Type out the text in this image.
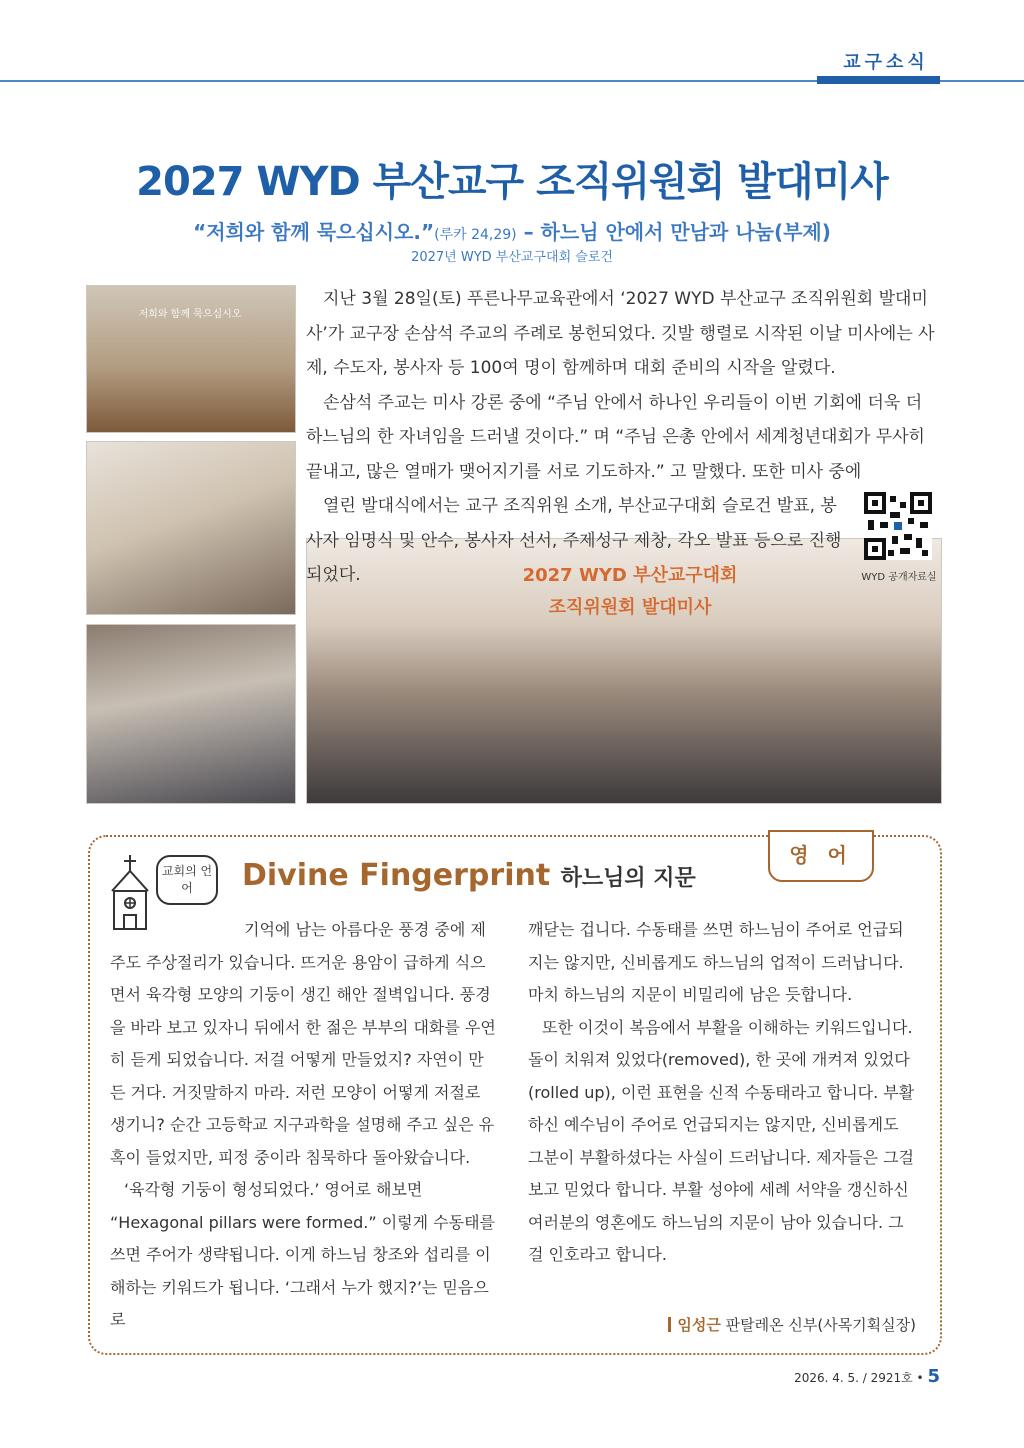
교구소식
2027 WYD 부산교구 조직위원회 발대미사
“저희와 함께 묵으십시오.”(루카 24,29) – 하느님 안에서 만남과 나눔(부제)
2027년 WYD 부산교구대회 슬로건
저희와 함께 묵으십시오
2027 WYD 부산교구대회
조직위원회 발대미사

지난 3월 28일(토) 푸른나무교육관에서 ‘2027 WYD 부산교구 조직위원회 발대미사’가 교구장 손삼석 주교의 주례로 봉헌되었다. 깃발 행렬로 시작된 이날 미사에는 사제, 수도자, 봉사자 등 100여 명이 함께하며 대회 준비의 시작을 알렸다.

손삼석 주교는 미사 강론 중에 “주님 안에서 하나인 우리들이 이번 기회에 더욱 더 하느님의 한 자녀임을 드러낼 것이다.” 며 “주님 은총 안에서 세계청년대회가 무사히 끝내고, 많은 열매가 맺어지기를 서로 기도하자.” 고 말했다. 또한 미사 중에

열린 발대식에서는 교구 조직위원 소개, 부산교구대회 슬로건 발표, 봉사자 임명식 및 안수, 봉사자 선서, 주제성구 제창, 각오 발표 등으로 진행되었다.	WYD 공개자료실
영 어
교회의 언어	Divine Fingerprint 하느님의 지문

기억에 남는 아름다운 풍경 중에 제주도 주상절리가 있습니다. 뜨거운 용암이 급하게 식으면서 육각형 모양의 기둥이 생긴 해안 절벽입니다. 풍경을 바라 보고 있자니 뒤에서 한 젊은 부부의 대화를 우연히 듣게 되었습니다. 저걸 어떻게 만들었지? 자연이 만든 거다. 거짓말하지 마라. 저런 모양이 어떻게 저절로 생기니? 순간 고등학교 지구과학을 설명해 주고 싶은 유혹이 들었지만, 피정 중이라 침묵하다 돌아왔습니다.

‘육각형 기둥이 형성되었다.’ 영어로 해보면 “Hexagonal pillars were formed.” 이렇게 수동태를 쓰면 주어가 생략됩니다. 이게 하느님 창조와 섭리를 이해하는 키워드가 됩니다. ‘그래서 누가 했지?’는 믿음으로

깨닫는 겁니다. 수동태를 쓰면 하느님이 주어로 언급되지는 않지만, 신비롭게도 하느님의 업적이 드러납니다. 마치 하느님의 지문이 비밀리에 남은 듯합니다.

또한 이것이 복음에서 부활을 이해하는 키워드입니다. 돌이 치워져 있었다(removed), 한 곳에 개켜져 있었다(rolled up), 이런 표현을 신적 수동태라고 합니다. 부활하신 예수님이 주어로 언급되지는 않지만, 신비롭게도 그분이 부활하셨다는 사실이 드러납니다. 제자들은 그걸 보고 믿었다 합니다. 부활 성야에 세례 서약을 갱신하신 여러분의 영혼에도 하느님의 지문이 남아 있습니다. 그걸 인호라고 합니다.

임성근 판탈레온 신부(사목기획실장)
2026. 4. 5. / 2921호 • 5
